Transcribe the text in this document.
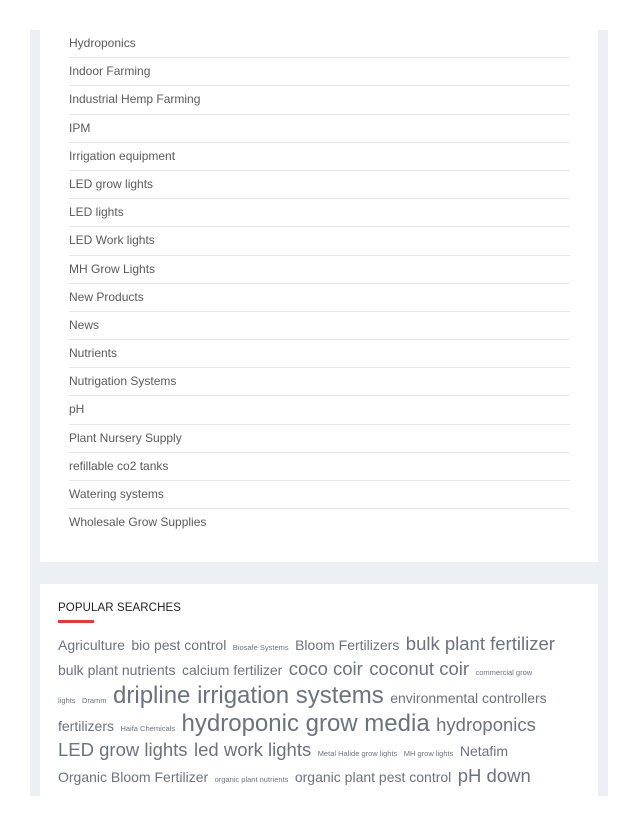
Hydroponics
Indoor Farming
Industrial Hemp Farming
IPM
Irrigation equipment
LED grow lights
LED lights
LED Work lights
MH Grow Lights
New Products
News
Nutrients
Nutrigation Systems
pH
Plant Nursery Supply
refillable co2 tanks
Watering systems
Wholesale Grow Supplies
POPULAR SEARCHES
Agriculture bio pest control Biosafe Systems Bloom Fertilizers bulk plant fertilizer
bulk plant nutrients calcium fertilizer coco coir coconut coir commercial grow
lights Dramm dripline irrigation systems environmental controllers
fertilizers Haifa Chemicals hydroponic grow media hydroponics
LED grow lights led work lights Metal Halide grow lights MH grow lights Netafim
Organic Bloom Fertilizer organic plant nutrients organic plant pest control pH down
